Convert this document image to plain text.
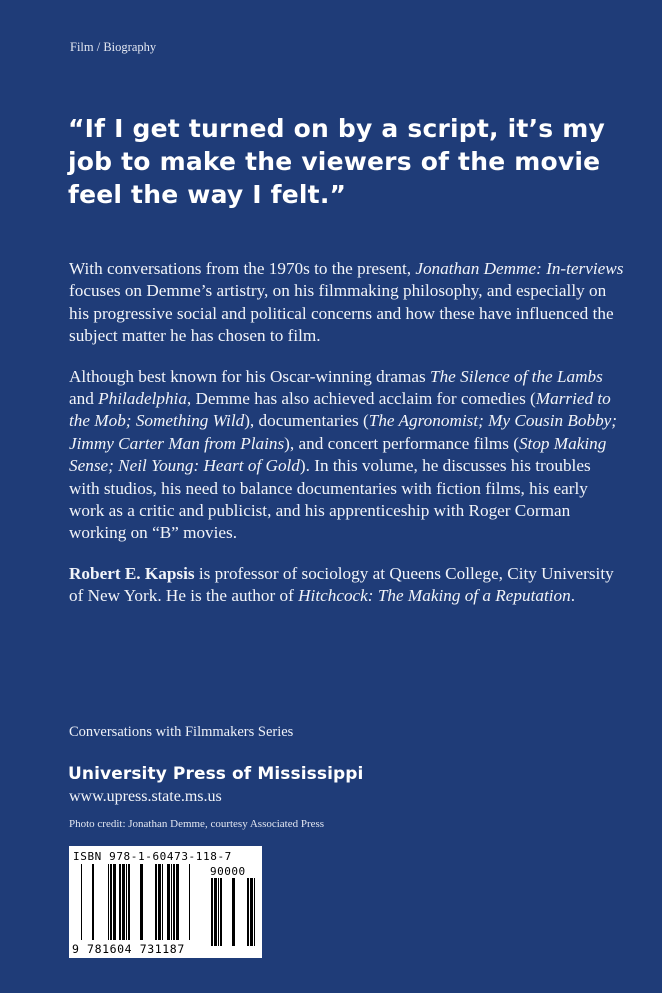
Film / Biography
“If I get turned on by a script, it’s my
job to make the viewers of the movie
feel the way I felt.”

With conversations from the 1970s to the present, Jonathan Demme: In-terviews focuses on Demme’s artistry, on his filmmaking philosophy, and especially on his progressive social and political concerns and how these have influenced the subject matter he has chosen to film.

Although best known for his Oscar-winning dramas The Silence of the Lambs and Philadelphia, Demme has also achieved acclaim for comedies (Married to the Mob; Something Wild), documentaries (The Agronomist; My Cousin Bobby; Jimmy Carter Man from Plains), and concert performance films (Stop Making Sense; Neil Young: Heart of Gold). In this volume, he discusses his troubles with studios, his need to balance documentaries with fiction films, his early work as a critic and publicist, and his apprenticeship with Roger Corman working on “B” movies.

Robert E. Kapsis is professor of sociology at Queens College, City University of New York. He is the author of Hitchcock: The Making of a Reputation.

Conversations with Filmmakers Series
University Press of Mississippi
www.upress.state.ms.us
Photo credit: Jonathan Demme, courtesy Associated Press
ISBN 978-1-60473-118-7
90000
9 781604 731187
